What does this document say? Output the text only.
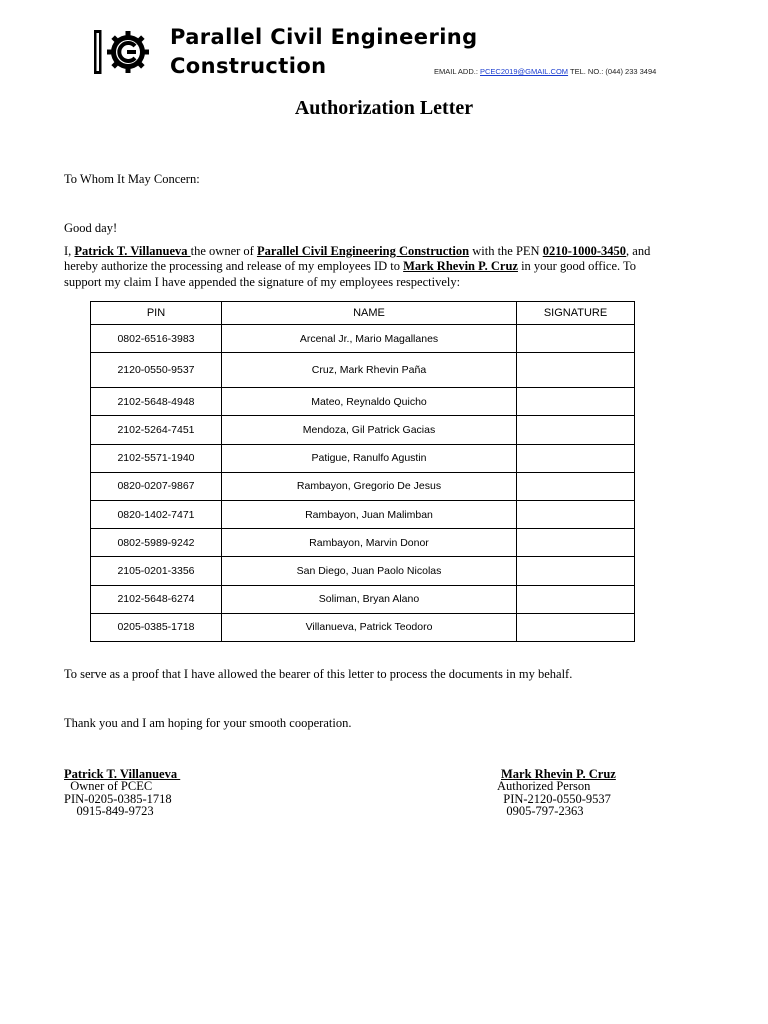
Parallel Civil Engineering
Construction	EMAIL ADD.: PCEC2019@GMAIL.COM TEL. NO.: (044) 233 3494
Authorization Letter
To Whom It May Concern:
Good day!
I, Patrick T. Villanueva the owner of Parallel Civil Engineering Construction with the PEN 0210-1000-3450, and hereby authorize the processing and release of my employees ID to Mark Rhevin P. Cruz in your good office. To support my claim I have appended the signature of my employees respectively:
PIN	NAME	SIGNATURE
0802-6516-3983	Arcenal Jr., Mario Magallanes	
2120-0550-9537	Cruz, Mark Rhevin Paña	
2102-5648-4948	Mateo, Reynaldo Quicho	
2102-5264-7451	Mendoza, Gil Patrick Gacias	
2102-5571-1940	Patigue, Ranulfo Agustin	
0820-0207-9867	Rambayon, Gregorio De Jesus	
0820-1402-7471	Rambayon, Juan Malimban	
0802-5989-9242	Rambayon, Marvin Donor	
2105-0201-3356	San Diego, Juan Paolo Nicolas	
2102-5648-6274	Soliman, Bryan Alano	
0205-0385-1718	Villanueva, Patrick Teodoro	
To serve as a proof that I have allowed the bearer of this letter to process the documents in my behalf.
Thank you and I am hoping for your smooth cooperation.
Patrick T. Villanueva
Owner of PCEC
PIN-0205-0385-1718
0915-849-9723
Mark Rhevin P. Cruz
Authorized Person
PIN-2120-0550-9537
0905-797-2363
